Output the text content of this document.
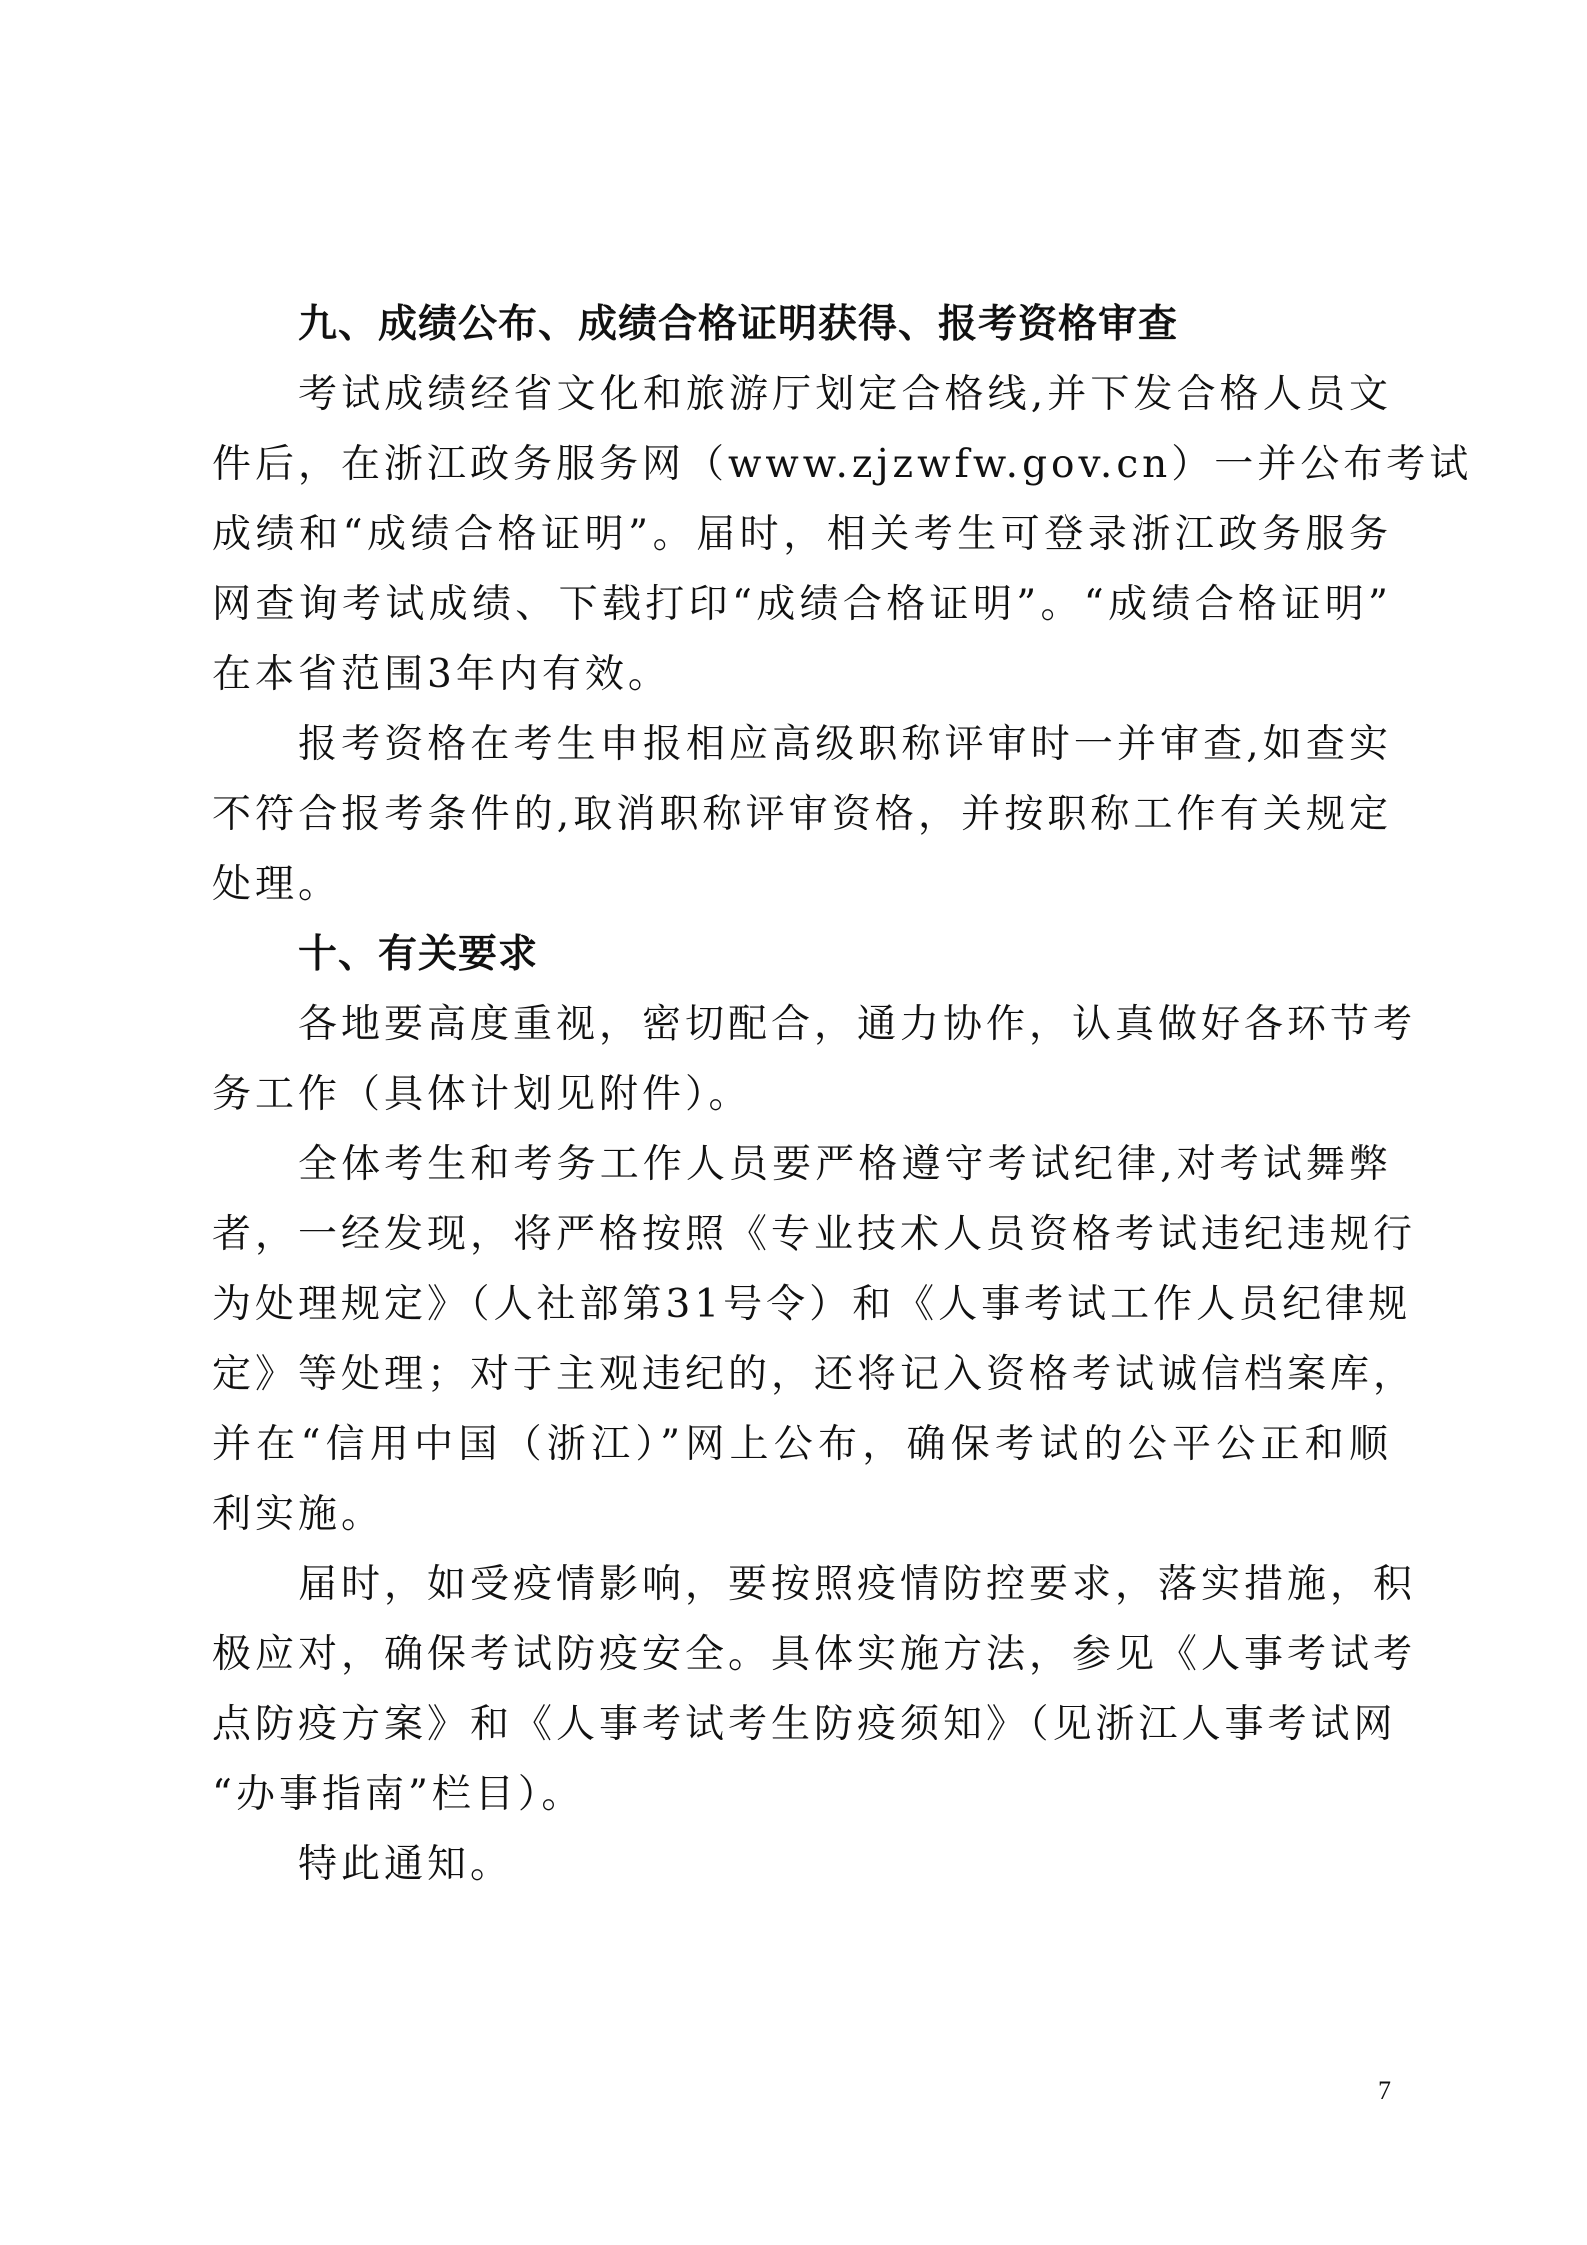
九、成绩公布、成绩合格证明获得、报考资格审查
考试成绩经省文化和旅游厅划定合格线,并下发合格人员文
件后，在浙江政务服务网（www.zjzwfw.gov.cn）一并公布考试
成绩和“成绩合格证明”。届时，相关考生可登录浙江政务服务
网查询考试成绩、下载打印“成绩合格证明”。“成绩合格证明”
在本省范围3年内有效。
报考资格在考生申报相应高级职称评审时一并审查,如查实
不符合报考条件的,取消职称评审资格，并按职称工作有关规定
处理。
十、有关要求
各地要高度重视，密切配合，通力协作，认真做好各环节考
务工作（具体计划见附件）。
全体考生和考务工作人员要严格遵守考试纪律,对考试舞弊
者，一经发现，将严格按照《专业技术人员资格考试违纪违规行
为处理规定》（人社部第31号令）和《人事考试工作人员纪律规
定》等处理；对于主观违纪的，还将记入资格考试诚信档案库，
并在“信用中国（浙江）”网上公布，确保考试的公平公正和顺
利实施。
届时，如受疫情影响，要按照疫情防控要求，落实措施，积
极应对，确保考试防疫安全。具体实施方法，参见《人事考试考
点防疫方案》和《人事考试考生防疫须知》（见浙江人事考试网
“办事指南”栏目）。
特此通知。
7
